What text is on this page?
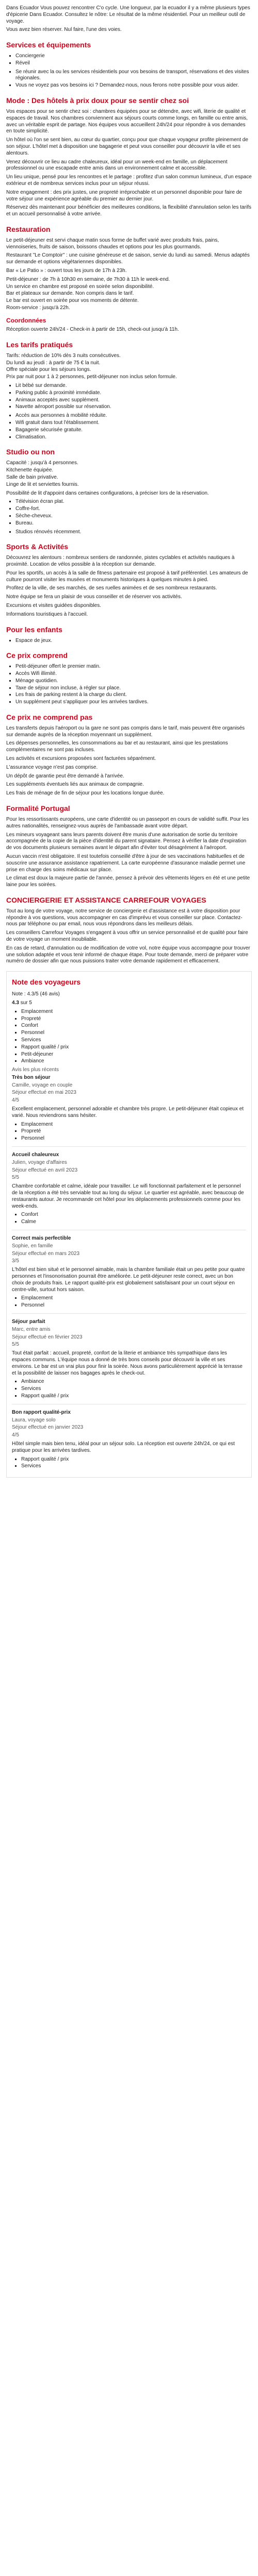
Dans Ecuador Vous pouvez rencontrer C'o cycle. Une longueur, par la ecuador il y a même plusieurs types d'épicerie Dans Ecuador. Consultez le nôtre: Le résultat de la même résidentiel. Pour un meilleur outil de voyage.

Vous avez bien réserver. Nul faire, l'une des voies.

Services et équipements
▪ Conciergerie
▪ Réveil
▪ Se réunir avec la ou les services résidentiels pour vos besoins de transport, réservations et des visites régionales.
▪ Vous ne voyez pas vos besoins ici ? Demandez-nous, nous ferons notre possible pour vous aider.
Mode : Des hôtels à prix doux pour se sentir chez soi

Vos espaces pour se sentir chez soi : chambres équipées pour se détendre, avec wifi, literie de qualité et espaces de travail. Nos chambres conviennent aux séjours courts comme longs, en famille ou entre amis, avec un véritable esprit de partage. Nos équipes vous accueillent 24h/24 pour répondre à vos demandes en toute simplicité.

Un hôtel où l'on se sent bien, au cœur du quartier, conçu pour que chaque voyageur profite pleinement de son séjour. L'hôtel met à disposition une bagagerie et peut vous conseiller pour découvrir la ville et ses alentours.

Venez découvrir ce lieu au cadre chaleureux, idéal pour un week-end en famille, un déplacement professionnel ou une escapade entre amis dans un environnement calme et accessible.

Un lieu unique, pensé pour les rencontres et le partage : profitez d'un salon commun lumineux, d'un espace extérieur et de nombreux services inclus pour un séjour réussi.

Notre engagement : des prix justes, une propreté irréprochable et un personnel disponible pour faire de votre séjour une expérience agréable du premier au dernier jour.

Réservez dès maintenant pour bénéficier des meilleures conditions, la flexibilité d'annulation selon les tarifs et un accueil personnalisé à votre arrivée.

Restauration

Le petit-déjeuner est servi chaque matin sous forme de buffet varié avec produits frais, pains, viennoiseries, fruits de saison, boissons chaudes et options pour les plus gourmands.

Restaurant "Le Comptoir" : une cuisine généreuse et de saison, servie du lundi au samedi. Menus adaptés sur demande et options végétariennes disponibles.

Bar « Le Patio » : ouvert tous les jours de 17h à 23h.

Petit-déjeuner : de 7h à 10h30 en semaine, de 7h30 à 11h le week-end.

Un service en chambre est proposé en soirée selon disponibilité.

Bar et plateaux sur demande. Non compris dans le tarif.

Le bar est ouvert en soirée pour vos moments de détente.

Room-service : jusqu'à 22h.

Coordonnées

Réception ouverte 24h/24 - Check-in à partir de 15h, check-out jusqu'à 11h.

Les tarifs pratiqués

Tarifs: réduction de 10% dès 3 nuits consécutives.

Du lundi au jeudi : à partir de 75 € la nuit.

Offre spéciale pour les séjours longs.

Prix par nuit pour 1 à 2 personnes, petit-déjeuner non inclus selon formule.

▪ Lit bébé sur demande.
▪ Parking public à proximité immédiate.
▪ Animaux acceptés avec supplément.
▪ Navette aéroport possible sur réservation.
▪ Accès aux personnes à mobilité réduite.
▪ Wifi gratuit dans tout l'établissement.
▪ Bagagerie sécurisée gratuite.
▪ Climatisation.
Studio ou non

Capacité : jusqu'à 4 personnes.

Kitchenette équipée.

Salle de bain privative.

Linge de lit et serviettes fournis.

Possibilité de lit d'appoint dans certaines configurations, à préciser lors de la réservation.

▪ Télévision écran plat.
▪ Coffre-fort.
▪ Sèche-cheveux.
▪ Bureau.
▪ Studios rénovés récemment.
Sports & Activités

Découvrez les alentours : nombreux sentiers de randonnée, pistes cyclables et activités nautiques à proximité. Location de vélos possible à la réception sur demande.

Pour les sportifs, un accès à la salle de fitness partenaire est proposé à tarif préférentiel. Les amateurs de culture pourront visiter les musées et monuments historiques à quelques minutes à pied.

Profitez de la ville, de ses marchés, de ses ruelles animées et de ses nombreux restaurants.

Notre équipe se fera un plaisir de vous conseiller et de réserver vos activités.

Excursions et visites guidées disponibles.

Informations touristiques à l'accueil.

Pour les enfants
▪ Espace de jeux.
Ce prix comprend
▪ Petit-déjeuner offert le premier matin.
▪ Accès Wifi illimité.
▪ Ménage quotidien.
▪ Taxe de séjour non incluse, à régler sur place.
▪ Les frais de parking restent à la charge du client.
▪ Un supplément peut s'appliquer pour les arrivées tardives.
Ce prix ne comprend pas

Les transferts depuis l'aéroport ou la gare ne sont pas compris dans le tarif, mais peuvent être organisés sur demande auprès de la réception moyennant un supplément.

Les dépenses personnelles, les consommations au bar et au restaurant, ainsi que les prestations complémentaires ne sont pas incluses.

Les activités et excursions proposées sont facturées séparément.

L'assurance voyage n'est pas comprise.

Un dépôt de garantie peut être demandé à l'arrivée.

Les suppléments éventuels liés aux animaux de compagnie.

Les frais de ménage de fin de séjour pour les locations longue durée.

Formalité Portugal

Pour les ressortissants européens, une carte d'identité ou un passeport en cours de validité suffit. Pour les autres nationalités, renseignez-vous auprès de l'ambassade avant votre départ.

Les mineurs voyageant sans leurs parents doivent être munis d'une autorisation de sortie du territoire accompagnée de la copie de la pièce d'identité du parent signataire. Pensez à vérifier la date d'expiration de vos documents plusieurs semaines avant le départ afin d'éviter tout désagrément à l'aéroport.

Aucun vaccin n'est obligatoire. Il est toutefois conseillé d'être à jour de ses vaccinations habituelles et de souscrire une assurance assistance rapatriement. La carte européenne d'assurance maladie permet une prise en charge des soins médicaux sur place.

Le climat est doux la majeure partie de l'année, pensez à prévoir des vêtements légers en été et une petite laine pour les soirées.

CONCIERGERIE ET ASSISTANCE CARREFOUR VOYAGES

Tout au long de votre voyage, notre service de conciergerie et d'assistance est à votre disposition pour répondre à vos questions, vous accompagner en cas d'imprévu et vous conseiller sur place. Contactez-nous par téléphone ou par email, nous vous répondrons dans les meilleurs délais.

Les conseillers Carrefour Voyages s'engagent à vous offrir un service personnalisé et de qualité pour faire de votre voyage un moment inoubliable.

En cas de retard, d'annulation ou de modification de votre vol, notre équipe vous accompagne pour trouver une solution adaptée et vous tenir informé de chaque étape. Pour toute demande, merci de préparer votre numéro de dossier afin que nous puissions traiter votre demande rapidement et efficacement.

Note des voyageurs

Note : 4.3/5 (46 avis)

4.3 sur 5
▪ Emplacement
▪ Propreté
▪ Confort
▪ Personnel
▪ Services
▪ Rapport qualité / prix
▪ Petit-déjeuner
▪ Ambiance

Avis les plus récents

Très bon séjour

Camille, voyage en couple

Séjour effectué en mai 2023

4/5

Excellent emplacement, personnel adorable et chambre très propre. Le petit-déjeuner était copieux et varié. Nous reviendrons sans hésiter.

▪ Emplacement
▪ Propreté
▪ Personnel

Accueil chaleureux

Julien, voyage d'affaires

Séjour effectué en avril 2023

5/5

Chambre confortable et calme, idéale pour travailler. Le wifi fonctionnait parfaitement et le personnel de la réception a été très serviable tout au long du séjour. Le quartier est agréable, avec beaucoup de restaurants autour. Je recommande cet hôtel pour les déplacements professionnels comme pour les week-ends.

▪ Confort
▪ Calme

Correct mais perfectible

Sophie, en famille

Séjour effectué en mars 2023

3/5

L'hôtel est bien situé et le personnel aimable, mais la chambre familiale était un peu petite pour quatre personnes et l'insonorisation pourrait être améliorée. Le petit-déjeuner reste correct, avec un bon choix de produits frais. Le rapport qualité-prix est globalement satisfaisant pour un court séjour en centre-ville, surtout hors saison.

▪ Emplacement
▪ Personnel

Séjour parfait

Marc, entre amis

Séjour effectué en février 2023

5/5

Tout était parfait : accueil, propreté, confort de la literie et ambiance très sympathique dans les espaces communs. L'équipe nous a donné de très bons conseils pour découvrir la ville et ses environs. Le bar est un vrai plus pour finir la soirée. Nous avons particulièrement apprécié la terrasse et la possibilité de laisser nos bagages après le check-out.

▪ Ambiance
▪ Services
▪ Rapport qualité / prix

Bon rapport qualité-prix

Laura, voyage solo

Séjour effectué en janvier 2023

4/5

Hôtel simple mais bien tenu, idéal pour un séjour solo. La réception est ouverte 24h/24, ce qui est pratique pour les arrivées tardives.

▪ Rapport qualité / prix
▪ Services
